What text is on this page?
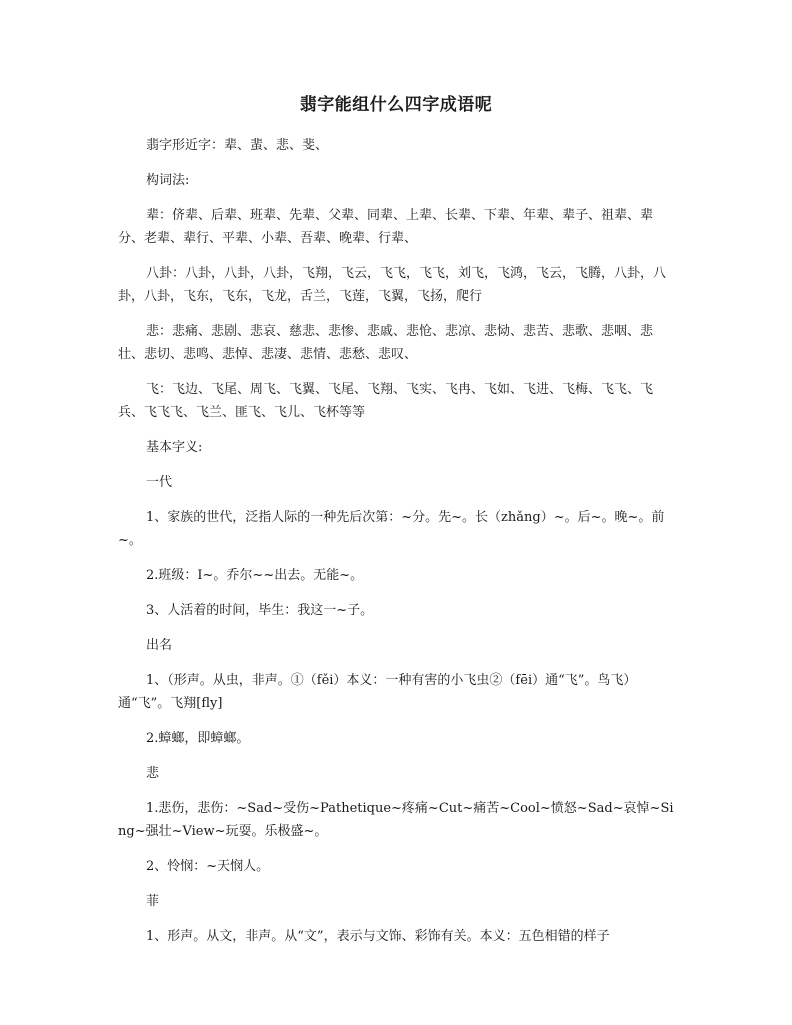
翡字能组什么四字成语呢

翡字形近字：辈、蜚、悲、斐、

构词法:

辈：侪辈、后辈、班辈、先辈、父辈、同辈、上辈、长辈、下辈、年辈、辈子、祖辈、辈分、老辈、辈行、平辈、小辈、吾辈、晚辈、行辈、

八卦：八卦，八卦，八卦，飞翔，飞云，飞飞，飞飞，刘飞，飞鸿，飞云，飞腾，八卦，八卦，八卦，飞东，飞东，飞龙，舌兰，飞莲，飞翼，飞扬，爬行

悲：悲痛、悲剧、悲哀、慈悲、悲惨、悲戚、悲怆、悲凉、悲恸、悲苦、悲歌、悲咽、悲壮、悲切、悲鸣、悲悼、悲凄、悲情、悲愁、悲叹、

飞：飞边、飞尾、周飞、飞翼、飞尾、飞翔、飞实、飞冉、飞如、飞进、飞梅、飞飞、飞兵、飞飞飞、飞兰、匪飞、飞儿、飞杯等等

基本字义:

一代

1、家族的世代，泛指人际的一种先后次第：~分。先~。长（zhǎng）~。后~。晚~。前~。

2.班级：I~。乔尔~~出去。无能~。

3、人活着的时间，毕生：我这一~子。

出名

1、（形声。从虫，非声。①（fěi）本义：一种有害的小飞虫②（fēi）通“飞”。鸟飞）通“飞”。飞翔[fly]

2.蟑螂，即蟑螂。

悲

1.悲伤，悲伤：~Sad~受伤~Pathetique~疼痛~Cut~痛苦~Cool~愤怒~Sad~哀悼~Sing~强壮~View~玩耍。乐极盛~。

2、怜悯：~天悯人。

菲

1、形声。从文，非声。从“文”，表示与文饰、彩饰有关。本义：五色相错的样子
